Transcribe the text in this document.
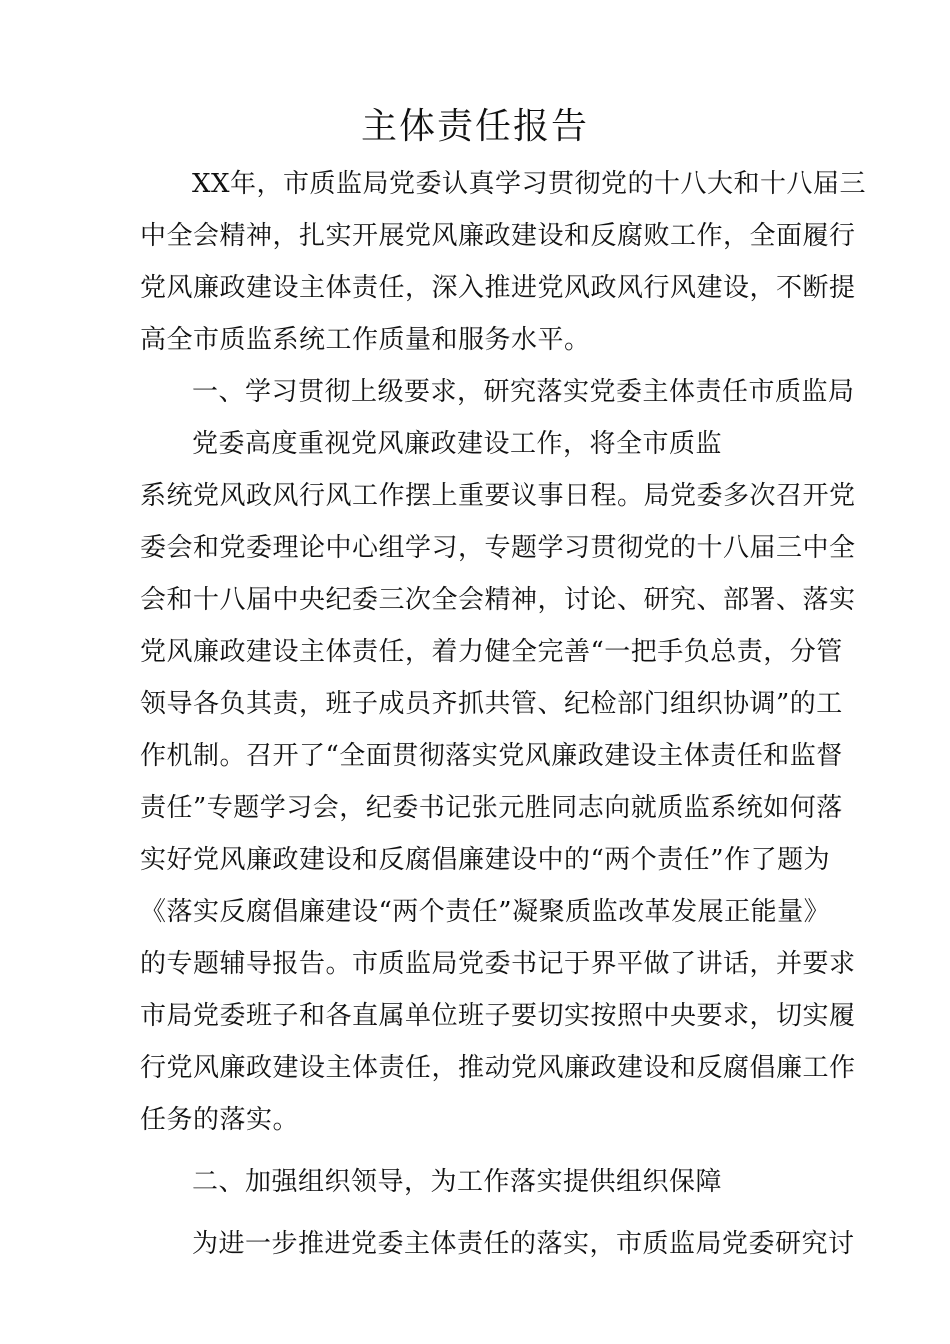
主体责任报告
XX年，市质监局党委认真学习贯彻党的十八大和十八届三
中全会精神，扎实开展党风廉政建设和反腐败工作，全面履行
党风廉政建设主体责任，深入推进党风政风行风建设，不断提
高全市质监系统工作质量和服务水平。
一、学习贯彻上级要求，研究落实党委主体责任市质监局
党委高度重视党风廉政建设工作，将全市质监
系统党风政风行风工作摆上重要议事日程。局党委多次召开党
委会和党委理论中心组学习，专题学习贯彻党的十八届三中全
会和十八届中央纪委三次全会精神，讨论、研究、部署、落实
党风廉政建设主体责任，着力健全完善“一把手负总责，分管
领导各负其责，班子成员齐抓共管、纪检部门组织协调”的工
作机制。召开了“全面贯彻落实党风廉政建设主体责任和监督
责任”专题学习会，纪委书记张元胜同志向就质监系统如何落
实好党风廉政建设和反腐倡廉建设中的“两个责任”作了题为
《落实反腐倡廉建设“两个责任”凝聚质监改革发展正能量》
的专题辅导报告。市质监局党委书记于界平做了讲话，并要求
市局党委班子和各直属单位班子要切实按照中央要求，切实履
行党风廉政建设主体责任，推动党风廉政建设和反腐倡廉工作
任务的落实。
二、加强组织领导，为工作落实提供组织保障
为进一步推进党委主体责任的落实，市质监局党委研究讨
